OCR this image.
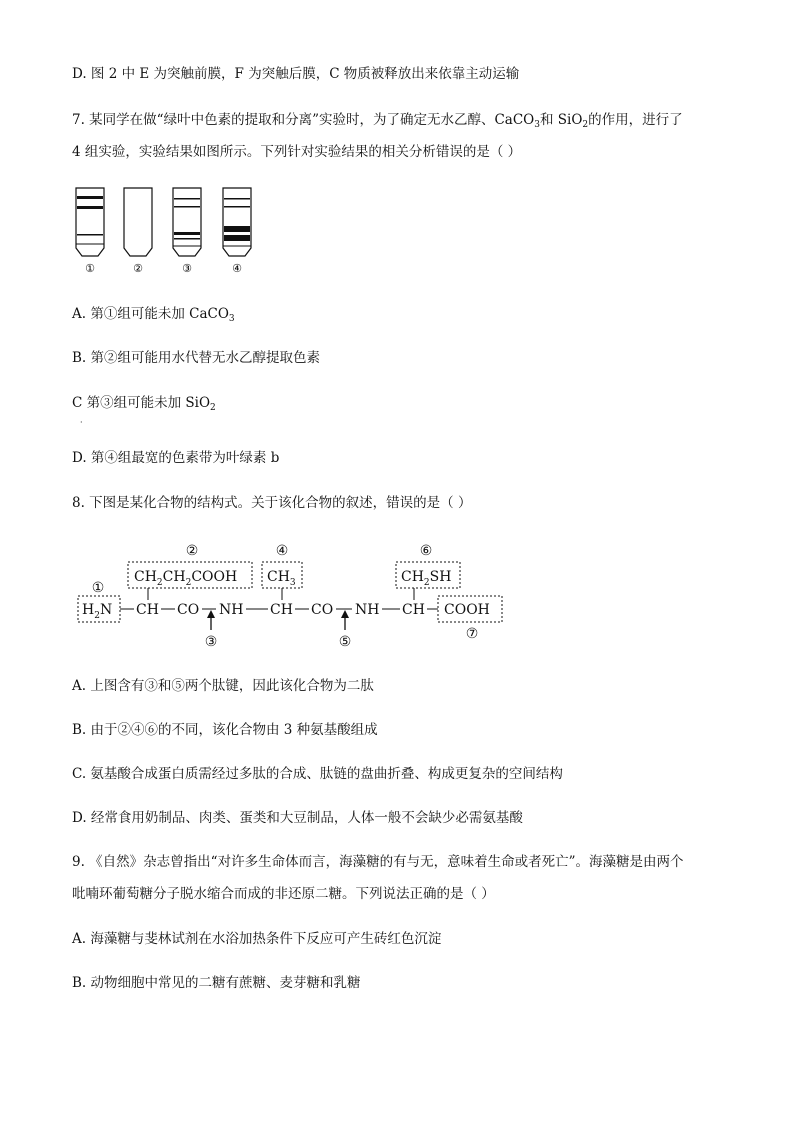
D. 图 2 中 E 为突触前膜，F 为突触后膜，C 物质被释放出来依靠主动运输
7. 某同学在做“绿叶中色素的提取和分离”实验时，为了确定无水乙醇、CaCO$_3$和 SiO$_2$的作用，进行了
4 组实验，实验结果如图所示。下列针对实验结果的相关分析错误的是（ ）
①	②	③	④
A. 第①组可能未加 CaCO$_3$
B. 第②组可能用水代替无水乙醇提取色素
C 第③组可能未加 SiO$_2$
·
D. 第④组最宽的色素带为叶绿素 b
8. 下图是某化合物的结构式。关于该化合物的叙述，错误的是（ ）
②	④	⑥
①
$CH_2CH_2COOH$ $CH_3$	$CH_2SH$
$H_2N$ CH CO NH CH CO NH CH COOH
③	⑤	⑦
A. 上图含有③和⑤两个肽键，因此该化合物为二肽
B. 由于②④⑥的不同，该化合物由 3 种氨基酸组成
C. 氨基酸合成蛋白质需经过多肽的合成、肽链的盘曲折叠、构成更复杂的空间结构
D. 经常食用奶制品、肉类、蛋类和大豆制品，人体一般不会缺少必需氨基酸
9. 《自然》杂志曾指出“对许多生命体而言，海藻糖的有与无，意味着生命或者死亡”。海藻糖是由两个
吡喃环葡萄糖分子脱水缩合而成的非还原二糖。下列说法正确的是（ ）
A. 海藻糖与斐林试剂在水浴加热条件下反应可产生砖红色沉淀
B. 动物细胞中常见的二糖有蔗糖、麦芽糖和乳糖
